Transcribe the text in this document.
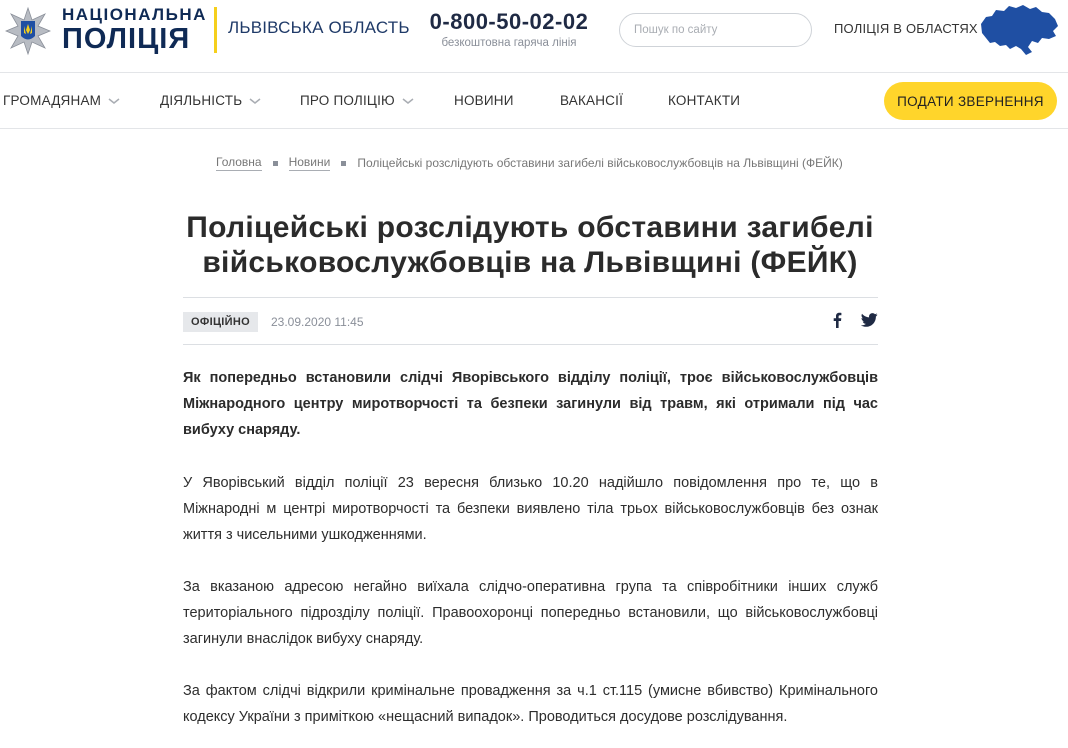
НАЦІОНАЛЬНА
ПОЛІЦІЯ	ЛЬВІВСЬКА ОБЛАСТЬ 0-800-50-02-02
безкоштовна гаряча лінія
Пошук по сайту
ПОЛІЦІЯ В ОБЛАСТЯХ
ГРОМАДЯНАМ	ДІЯЛЬНІСТЬ	ПРО ПОЛІЦІЮ	НОВИНИ	ВАКАНСІЇ	КОНТАКТИ	ПОДАТИ ЗВЕРНЕННЯ
Головна Новини Поліцейські розслідують обставини загибелі військовослужбовців на Львівщині (ФЕЙК)
Поліцейські розслідують обставини загибелі
військовослужбовців на Львівщині (ФЕЙК)
ОФІЦІЙНО	23.09.2020 11:45

Як попередньо встановили слідчі Яворівського відділу поліції, троє військовослужбовців Міжнародного центру миротворчості та безпеки загинули від травм, які отримали під час вибуху снаряду.

У Яворівський відділ поліції 23 вересня близько 10.20 надійшло повідомлення про те, що в Міжнародні м центрі миротворчості та безпеки виявлено тіла трьох військовослужбовців без ознак життя з чисельними ушкодженнями.

За вказаною адресою негайно виїхала слідчо-оперативна група та співробітники інших служб територіального підрозділу поліції. Правоохоронці попередньо встановили, що військовослужбовці загинули внаслідок вибуху снаряду.

За фактом слідчі відкрили кримінальне провадження за ч.1 ст.115 (умисне вбивство) Кримінального кодексу України з приміткою «нещасний випадок». Проводиться досудове розслідування.
